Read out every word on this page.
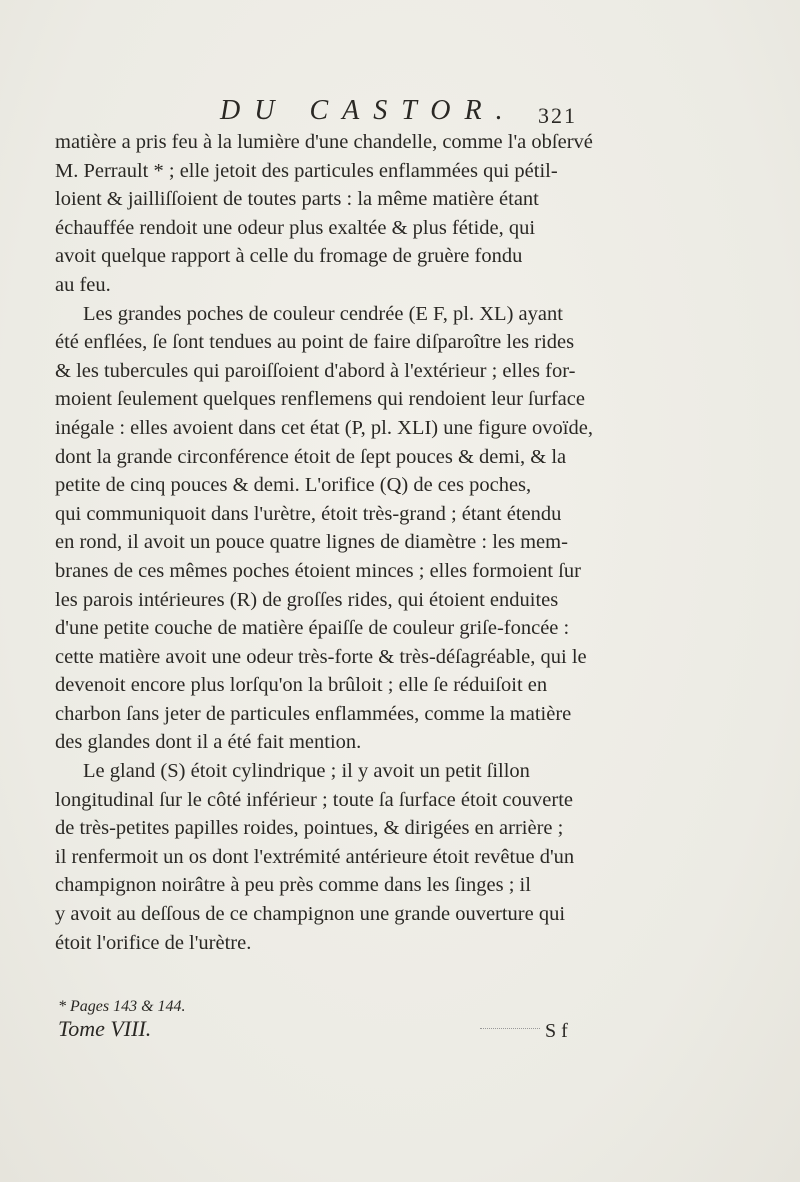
DU CASTOR. 321
matière a pris feu à la lumière d'une chandelle, comme l'a obſervé
M. Perrault * ; elle jetoit des particules enflammées qui pétil-
loient & jailliſſoient de toutes parts : la même matière étant
échauffée rendoit une odeur plus exaltée & plus fétide, qui
avoit quelque rapport à celle du fromage de gruère fondu
au feu.
Les grandes poches de couleur cendrée (E F, pl. XL) ayant
été enflées, ſe ſont tendues au point de faire diſparoître les rides
& les tubercules qui paroiſſoient d'abord à l'extérieur ; elles for-
moient ſeulement quelques renflemens qui rendoient leur ſurface
inégale : elles avoient dans cet état (P, pl. XLI) une figure ovoïde,
dont la grande circonférence étoit de ſept pouces & demi, & la
petite de cinq pouces & demi. L'orifice (Q) de ces poches,
qui communiquoit dans l'urètre, étoit très-grand ; étant étendu
en rond, il avoit un pouce quatre lignes de diamètre : les mem-
branes de ces mêmes poches étoient minces ; elles formoient ſur
les parois intérieures (R) de groſſes rides, qui étoient enduites
d'une petite couche de matière épaiſſe de couleur griſe-foncée :
cette matière avoit une odeur très-forte & très-déſagréable, qui le
devenoit encore plus lorſqu'on la brûloit ; elle ſe réduiſoit en
charbon ſans jeter de particules enflammées, comme la matière
des glandes dont il a été fait mention.
Le gland (S) étoit cylindrique ; il y avoit un petit ſillon
longitudinal ſur le côté inférieur ; toute ſa ſurface étoit couverte
de très-petites papilles roides, pointues, & dirigées en arrière ;
il renfermoit un os dont l'extrémité antérieure étoit revêtue d'un
champignon noirâtre à peu près comme dans les ſinges ; il
y avoit au deſſous de ce champignon une grande ouverture qui
étoit l'orifice de l'urètre.
* Pages 143 & 144.
Tome VIII.	S f
